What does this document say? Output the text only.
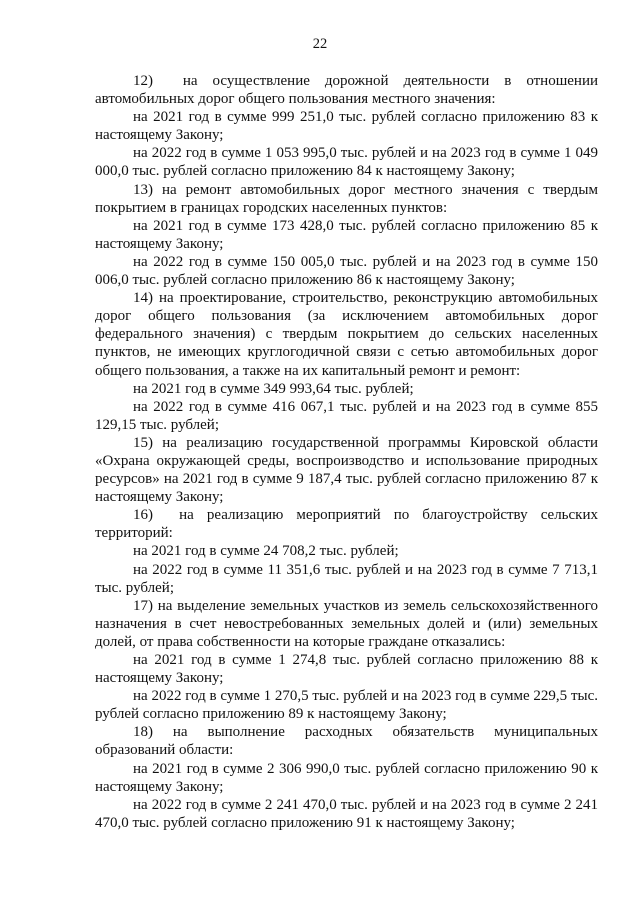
22

12)  на осуществление дорожной деятельности в отношении автомобильных дорог общего пользования местного значения:

на 2021 год в сумме 999 251,0 тыс. рублей согласно приложению 83 к настоящему Закону;

на 2022 год в сумме 1 053 995,0 тыс. рублей и на 2023 год в сумме 1 049 000,0 тыс. рублей согласно приложению 84 к настоящему Закону;

13) на ремонт автомобильных дорог местного значения с твердым покрытием в границах городских населенных пунктов:

на 2021 год в сумме 173 428,0 тыс. рублей согласно приложению 85 к настоящему Закону;

на 2022 год в сумме 150 005,0 тыс. рублей и на 2023 год в сумме 150 006,0 тыс. рублей согласно приложению 86 к настоящему Закону;

14) на проектирование, строительство, реконструкцию автомобильных дорог общего пользования (за исключением автомобильных дорог федерального значения) с твердым покрытием до сельских населенных пунктов, не имеющих круглогодичной связи с сетью автомобильных дорог общего пользования, а также на их капитальный ремонт и ремонт:

на 2021 год в сумме 349 993,64 тыс. рублей;

на 2022 год в сумме 416 067,1 тыс. рублей и на 2023 год в сумме 855 129,15 тыс. рублей;

15) на реализацию государственной программы Кировской области «Охрана окружающей среды, воспроизводство и использование природных ресурсов» на 2021 год в сумме 9 187,4 тыс. рублей согласно приложению 87 к настоящему Закону;

16)  на реализацию мероприятий по благоустройству сельских территорий:

на 2021 год в сумме 24 708,2 тыс. рублей;

на 2022 год в сумме 11 351,6 тыс. рублей и на 2023 год в сумме 7 713,1 тыс. рублей;

17) на выделение земельных участков из земель сельскохозяйственного назначения в счет невостребованных земельных долей и (или) земельных долей, от права собственности на которые граждане отказались:

на 2021 год в сумме 1 274,8 тыс. рублей согласно приложению 88 к настоящему Закону;

на 2022 год в сумме 1 270,5 тыс. рублей и на 2023 год в сумме 229,5 тыс. рублей согласно приложению 89 к настоящему Закону;

18) на выполнение расходных обязательств муниципальных образований области:

на 2021 год в сумме 2 306 990,0 тыс. рублей согласно приложению 90 к настоящему Закону;

на 2022 год в сумме 2 241 470,0 тыс. рублей и на 2023 год в сумме 2 241 470,0 тыс. рублей согласно приложению 91 к настоящему Закону;
